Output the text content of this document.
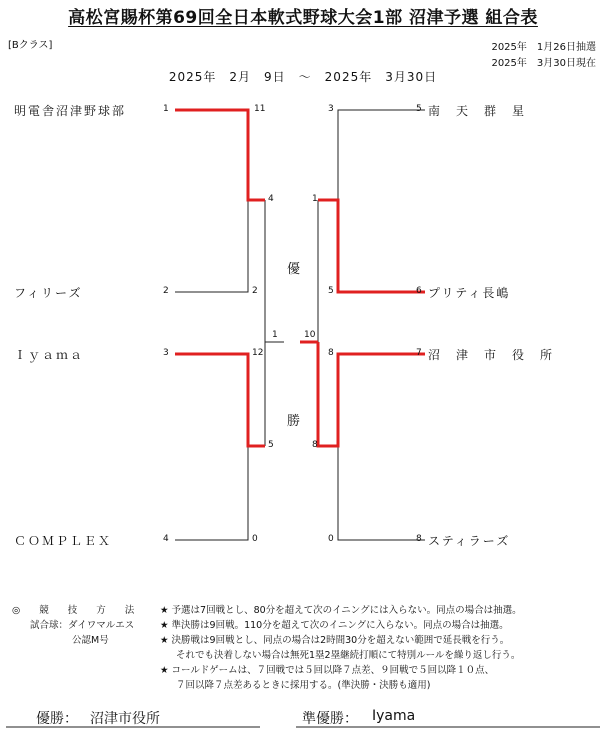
高松宮賜杯第69回全日本軟式野球大会1部 沼津予選 組合表
[Bクラス]	2025年　1月26日抽選
2025年　3月30日現在
2025年　2月　9日　～　2025年　3月30日
明電舎沼津野球部	1	11
フィリーズ	2	2
Ｉｙａｍａ	3	12
ＣＯＭＰＬＥＸ	4	0
4
5
1	10
優
勝
1
8
3	5 南　天　群　星
5	6 プリティ長嶋
8	7 沼　津　市　役　所
0	8 スティラーズ
◎　　競　　技　　方　　法
試合球：ダイワマルエス
公認M号
★ 予選は7回戦とし、80分を超えて次のイニングには入らない。同点の場合は抽選。
★ 準決勝は9回戦。110分を超えて次のイニングに入らない。同点の場合は抽選。
★ 決勝戦は9回戦とし、同点の場合は2時間30分を超えない範囲で延長戦を行う。
それでも決着しない場合は無死1塁2塁継続打順にて特別ルールを繰り返し行う。
★ コールドゲームは、７回戦では５回以降７点差、９回戦で５回以降１０点、
７回以降７点差あるときに採用する。(準決勝・決勝も適用)
優勝： 沼津市役所	準優勝： Iyama
